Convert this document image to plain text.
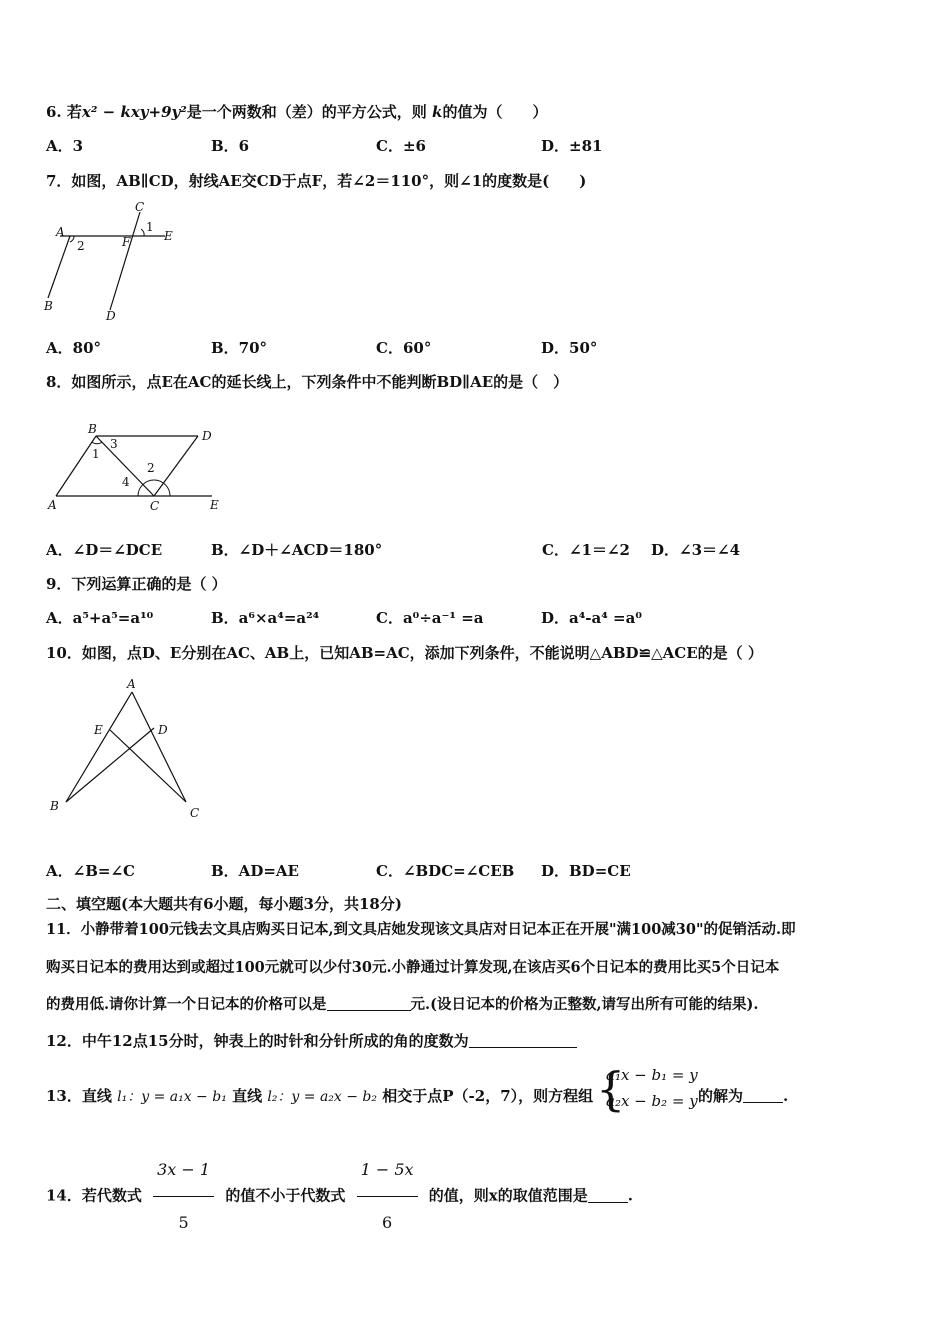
6. 若x² − kxy+9y²是一个两数和（差）的平方公式，则 k的值为（　　）
A．3	B．6	C．±6	D．±81
7．如图，AB∥CD，射线AE交CD于点F，若∠2＝110°，则∠1的度数是(　　)
A
2	F
C
1
E
B
D
A．80°	B．70°	C．60°	D．50°
8．如图所示，点E在AC的延长线上，下列条件中不能判断BD∥AE的是（　）
B
3
D
1
2
4
A	C	E
A．∠D＝∠DCE	B．∠D＋∠ACD＝180°	C．∠1＝∠2 D．∠3＝∠4
9．下列运算正确的是（ ）
A．a⁵+a⁵=a¹⁰	B．a⁶×a⁴=a²⁴	C．a⁰÷a⁻¹ =a	D．a⁴-a⁴ =a⁰
10．如图，点D、E分别在AC、AB上，已知AB=AC，添加下列条件，不能说明△ABD≌△ACE的是（ ）
A
E	D
B	C
A．∠B=∠C	B．AD=AE	C．∠BDC=∠CEB D．BD=CE
二、填空题(本大题共有6小题，每小题3分，共18分)
11．小静带着100元钱去文具店购买日记本,到文具店她发现该文具店对日记本正在开展"满100减30"的促销活动.即
购买日记本的费用达到或超过100元就可以少付30元.小静通过计算发现,在该店买6个日记本的费用比买5个日记本
的费用低.请你计算一个日记本的价格可以是	元.(设日记本的价格为正整数,请写出所有可能的结果).
12．中午12点15分时，钟表上的时针和分针所成的角的度数为
13．直线 l₁：y = a₁x − b₁ 直线 l₂：y = a₂x − b₂ 相交于点P（-2，7），则方程组 {
a₁x − b₁ = y
a₂x − b₂ = y 的解为	.
14．若代数式 $\frac{3x - 1}{5}$ 的值不小于代数式 $\frac{1 - 5x}{6}$ 的值，则x的取值范围是	.
